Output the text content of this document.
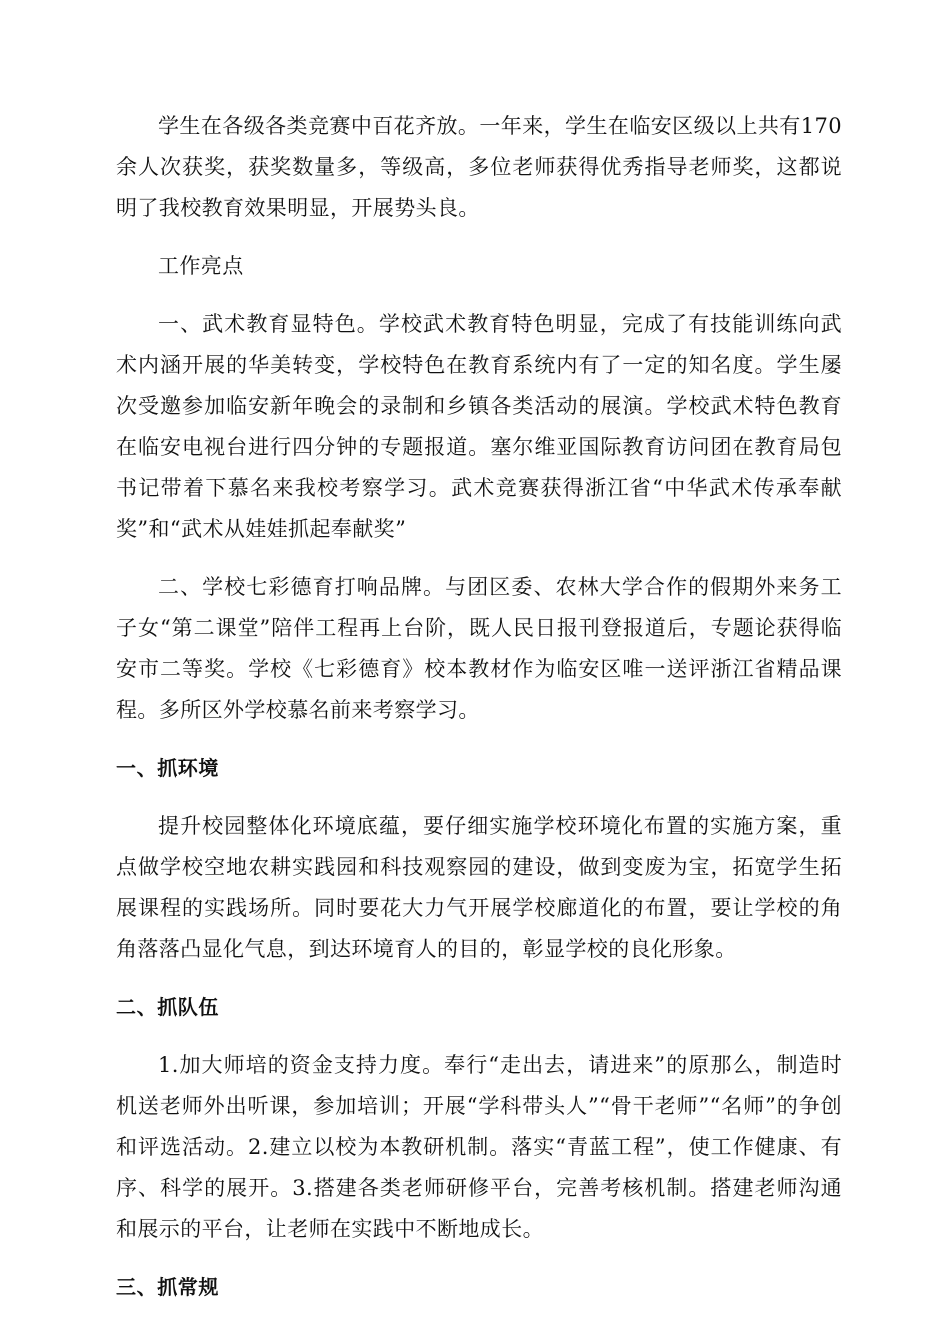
学生在各级各类竞赛中百花齐放。一年来，学生在临安区级以上共有170余人次获奖，获奖数量多，等级高，多位老师获得优秀指导老师奖，这都说明了我校教育效果明显，开展势头良。

工作亮点

一、武术教育显特色。学校武术教育特色明显，完成了有技能训练向武术内涵开展的华美转变，学校特色在教育系统内有了一定的知名度。学生屡次受邀参加临安新年晚会的录制和乡镇各类活动的展演。学校武术特色教育在临安电视台进行四分钟的专题报道。塞尔维亚国际教育访问团在教育局包书记带着下慕名来我校考察学习。武术竞赛获得浙江省“中华武术传承奉献奖”和“武术从娃娃抓起奉献奖”

二、学校七彩德育打响品牌。与团区委、农林大学合作的假期外来务工子女“第二课堂”陪伴工程再上台阶，既人民日报刊登报道后，专题论获得临安市二等奖。学校《七彩德育》校本教材作为临安区唯一送评浙江省精品课程。多所区外学校慕名前来考察学习。

一、抓环境

提升校园整体化环境底蕴，要仔细实施学校环境化布置的实施方案，重点做学校空地农耕实践园和科技观察园的建设，做到变废为宝，拓宽学生拓展课程的实践场所。同时要花大力气开展学校廊道化的布置，要让学校的角角落落凸显化气息，到达环境育人的目的，彰显学校的良化形象。

二、抓队伍

1.加大师培的资金支持力度。奉行“走出去，请进来”的原那么，制造时机送老师外出听课，参加培训；开展“学科带头人”“骨干老师”“名师”的争创和评选活动。2.建立以校为本教研机制。落实“青蓝工程”，使工作健康、有序、科学的展开。3.搭建各类老师研修平台，完善考核机制。搭建老师沟通和展示的平台，让老师在实践中不断地成长。

三、抓常规
